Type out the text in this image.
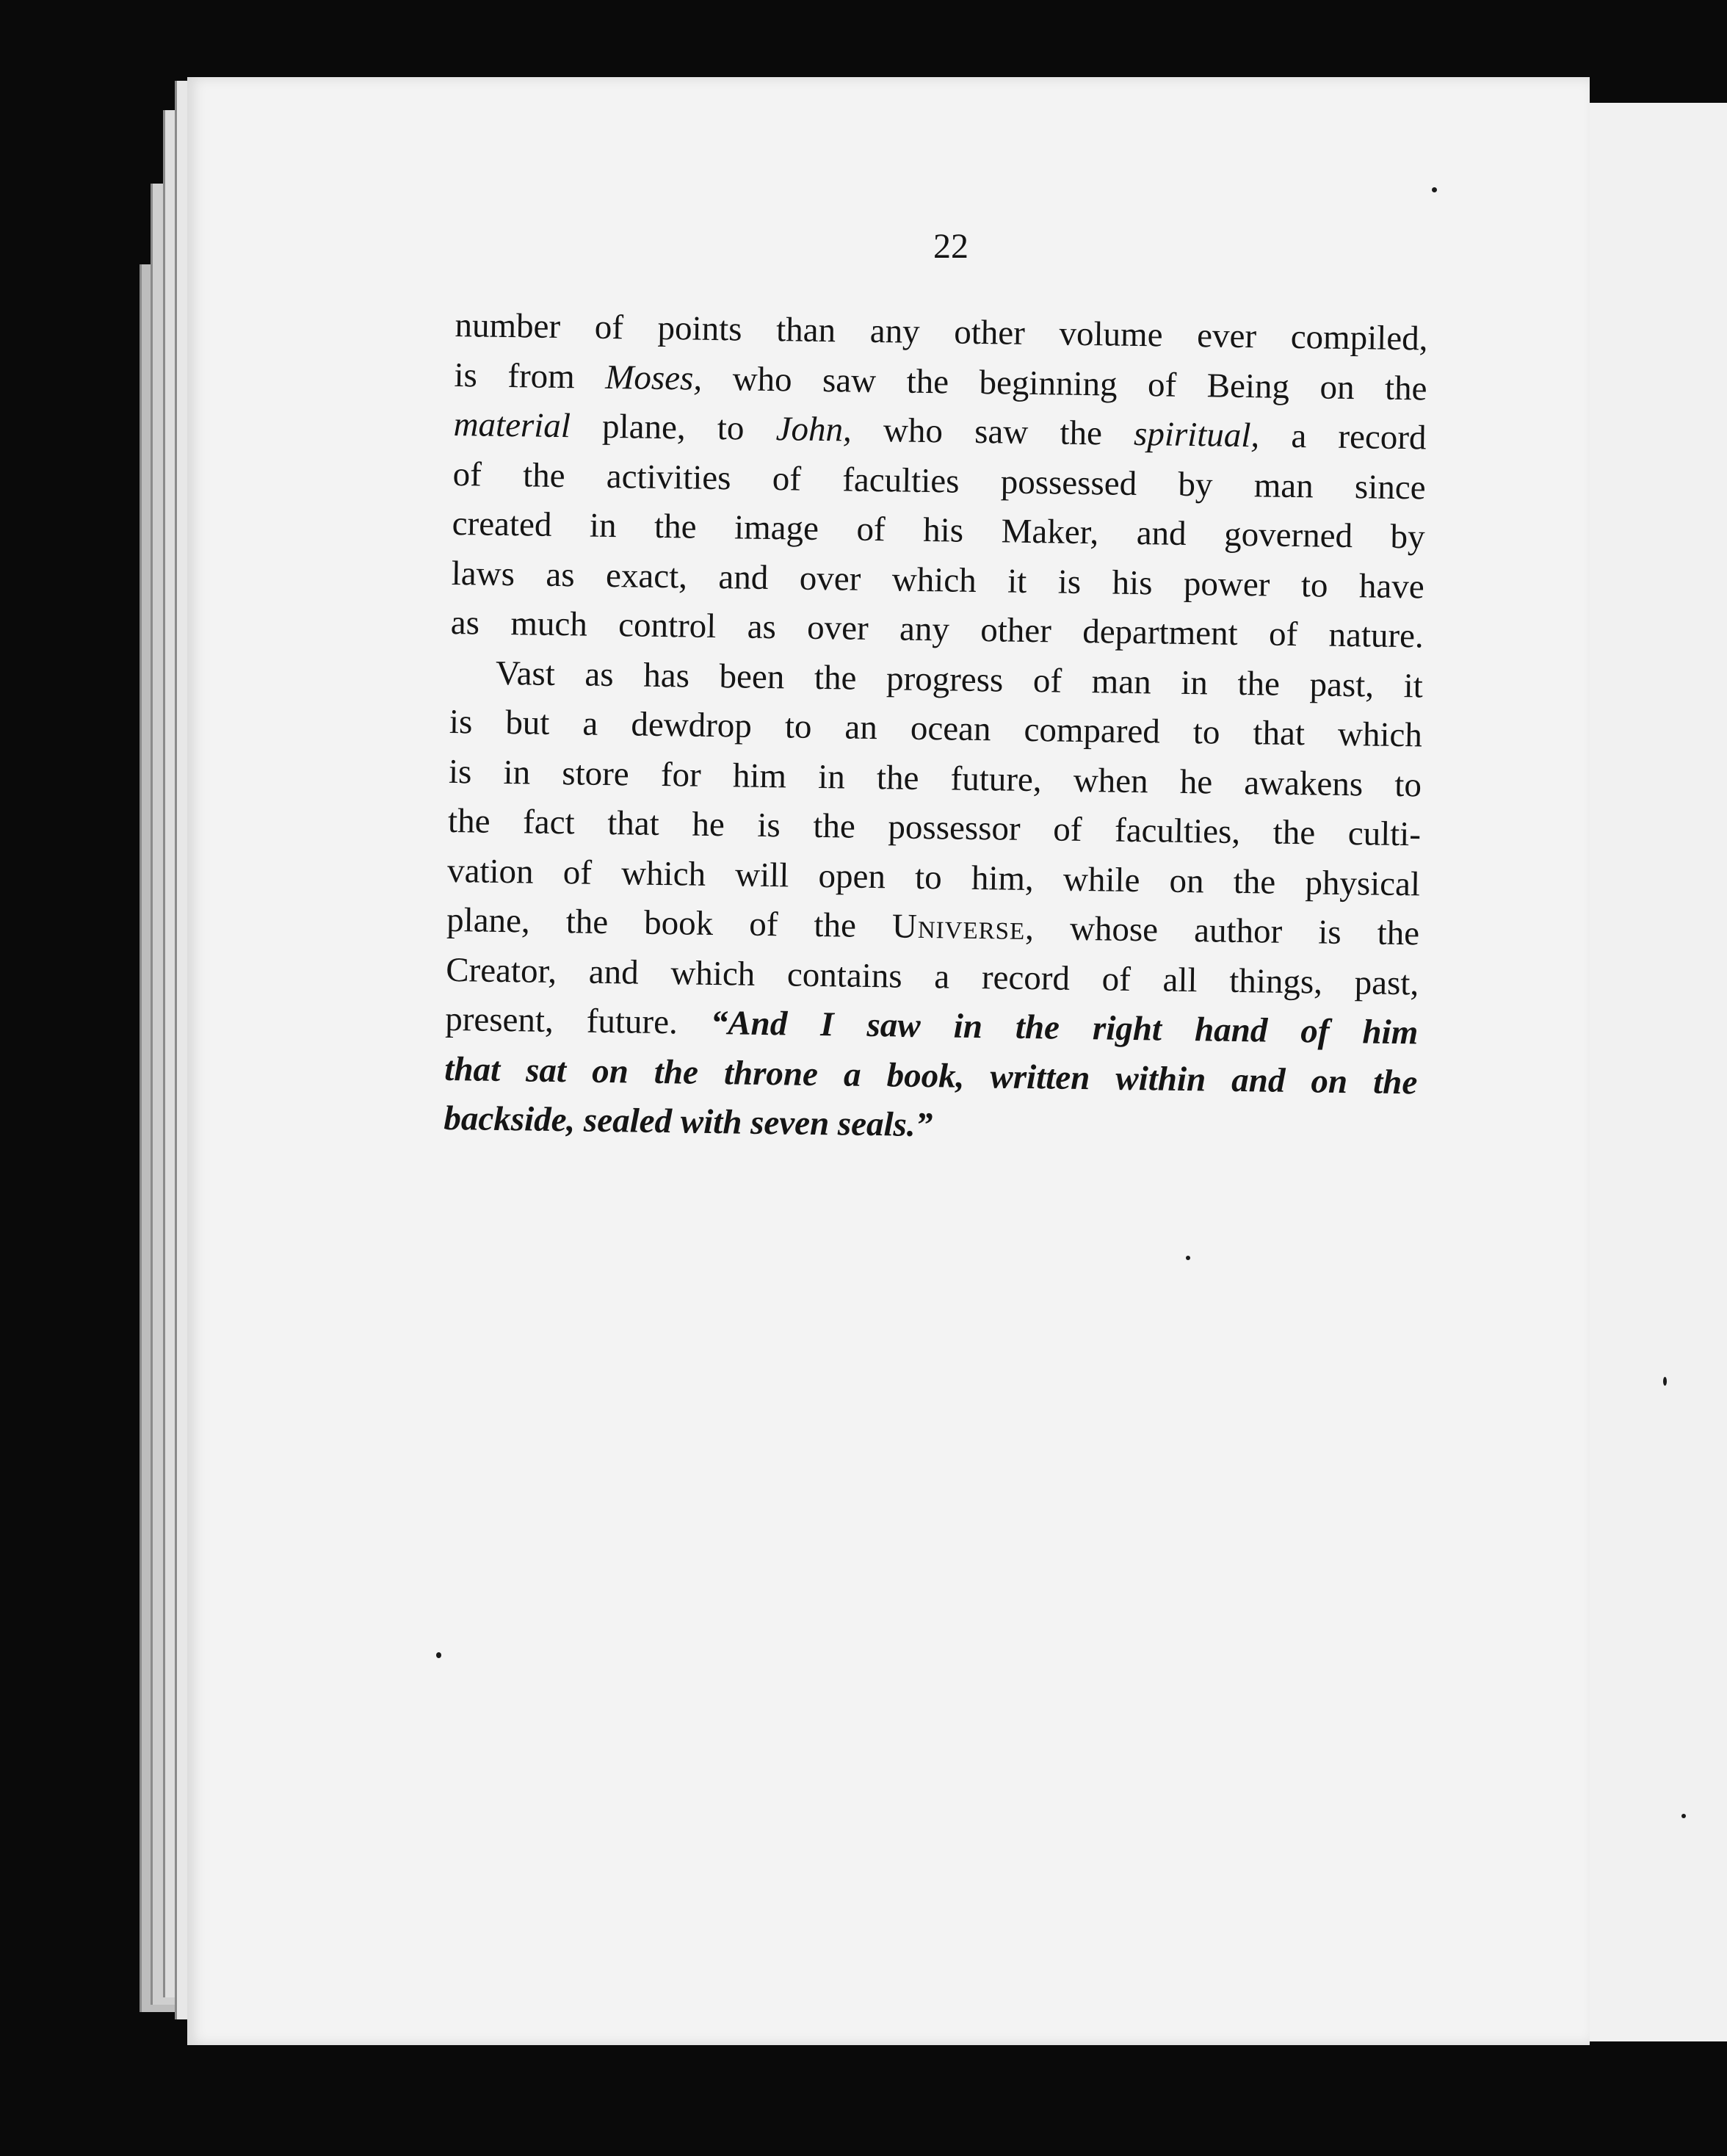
22
number of points than any other volume ever compiled,
is from Moses, who saw the beginning of Being on the
material plane, to John, who saw the spiritual, a record
of the activities of faculties possessed by man since
created in the image of his Maker, and governed by
laws as exact, and over which it is his power to have
as much control as over any other department of nature.
Vast as has been the progress of man in the past, it
is but a dewdrop to an ocean compared to that which
is in store for him in the future, when he awakens to
the fact that he is the possessor of faculties, the culti-
vation of which will open to him, while on the physical
plane, the book of the Universe, whose author is the
Creator, and which contains a record of all things, past,
present, future. “And I saw in the right hand of him
that sat on the throne a book, written within and on the
backside, sealed with seven seals.”
